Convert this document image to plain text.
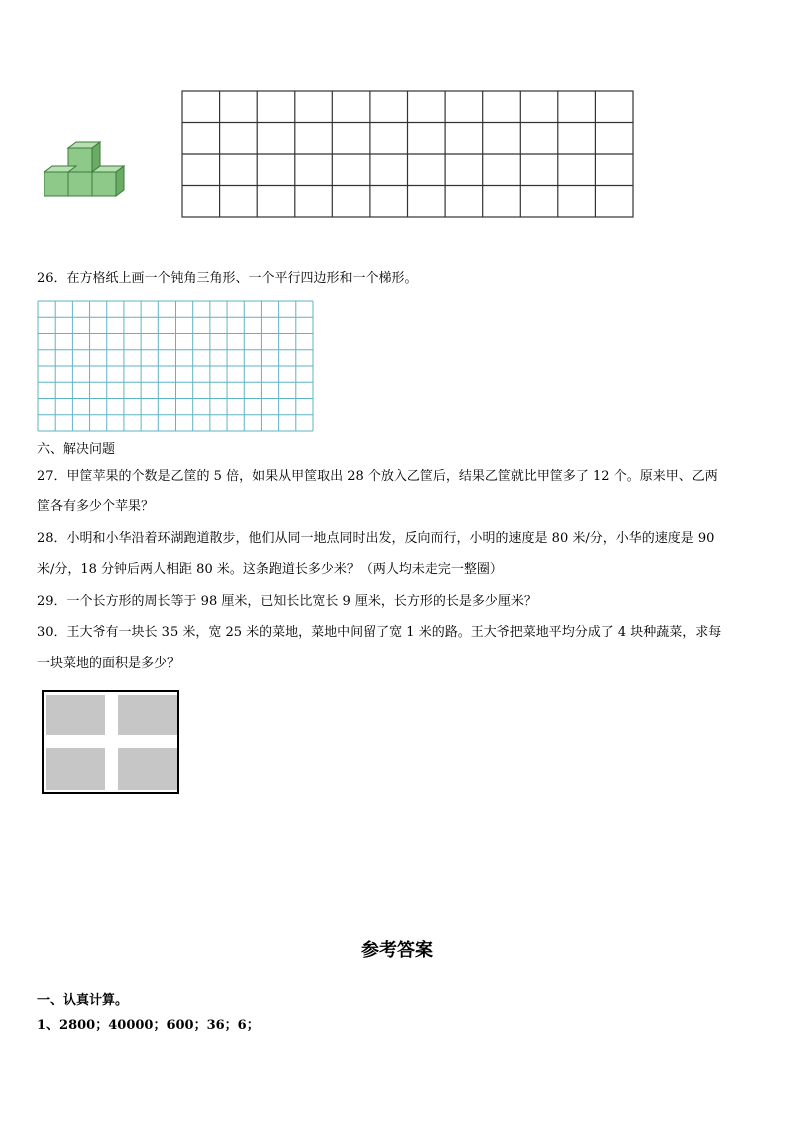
26．在方格纸上画一个钝角三角形、一个平行四边形和一个梯形。
六、解决问题
27．甲筐苹果的个数是乙筐的 5 倍，如果从甲筐取出 28 个放入乙筐后，结果乙筐就比甲筐多了 12 个。原来甲、乙两
筐各有多少个苹果？
28．小明和小华沿着环湖跑道散步，他们从同一地点同时出发，反向而行，小明的速度是 80 米/分，小华的速度是 90
米/分，18 分钟后两人相距 80 米。这条跑道长多少米？（两人均未走完一整圈）
29．一个长方形的周长等于 98 厘米，已知长比宽长 9 厘米，长方形的长是多少厘米？
30．王大爷有一块长 35 米，宽 25 米的菜地，菜地中间留了宽 1 米的路。王大爷把菜地平均分成了 4 块种蔬菜，求每
一块菜地的面积是多少？
参考答案
一、认真计算。
1、2800；40000；600；36；6；
